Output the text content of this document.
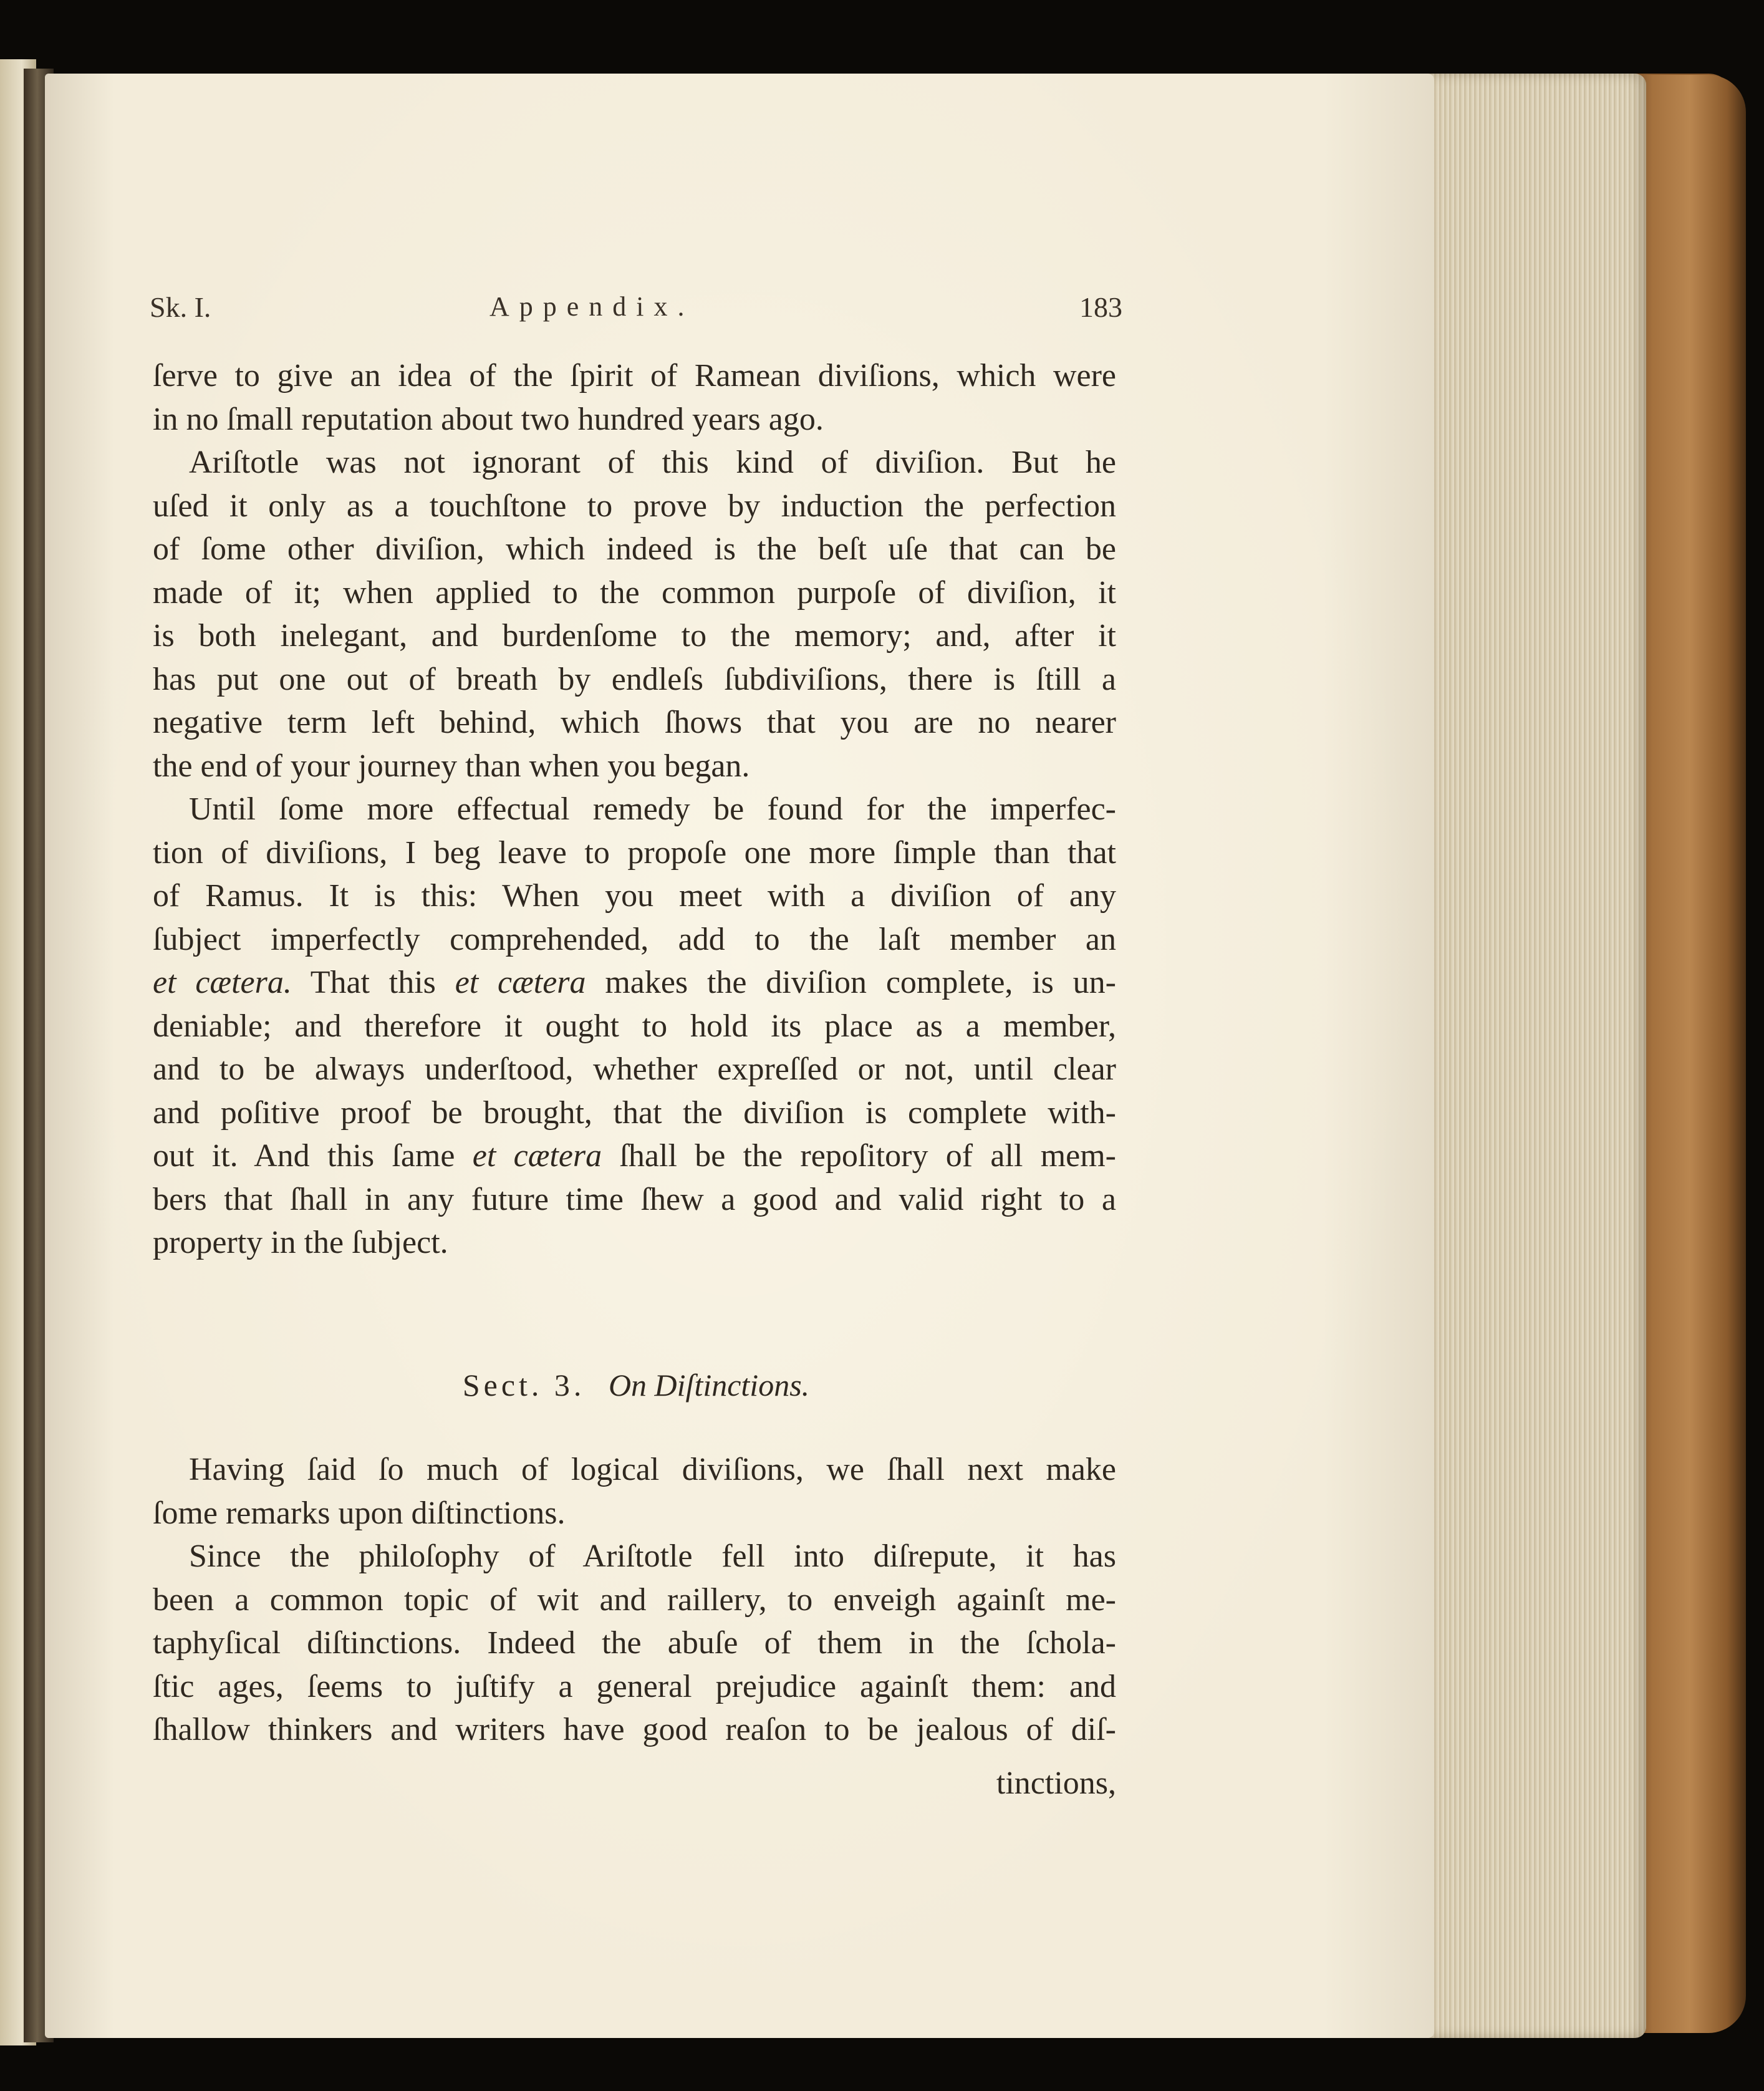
Sk. I.	Appendix.	183

ſerve to give an idea of the ſpirit of Ramean diviſions, which were
in no ſmall reputation about two hundred years ago.

Ariſtotle was not ignorant of this kind of diviſion. But he
uſed it only as a touchſtone to prove by induction the perfection
of ſome other diviſion, which indeed is the beſt uſe that can be
made of it; when applied to the common purpoſe of diviſion, it
is both inelegant, and burdenſome to the memory; and, after it
has put one out of breath by endleſs ſubdiviſions, there is ſtill a
negative term left behind, which ſhows that you are no nearer
the end of your journey than when you began.

Until ſome more effectual remedy be found for the imperfec-
tion of diviſions, I beg leave to propoſe one more ſimple than that
of Ramus. It is this: When you meet with a diviſion of any
ſubject imperfectly comprehended, add to the laſt member an
et cætera. That this et cætera makes the diviſion complete, is un-
deniable; and therefore it ought to hold its place as a member,
and to be always underſtood, whether expreſſed or not, until clear
and poſitive proof be brought, that the diviſion is complete with-
out it. And this ſame et cætera ſhall be the repoſitory of all mem-
bers that ſhall in any future time ſhew a good and valid right to a
property in the ſubject.

Sect. 3. On Diſtinctions.

Having ſaid ſo much of logical diviſions, we ſhall next make
ſome remarks upon diſtinctions.

Since the philoſophy of Ariſtotle fell into diſrepute, it has
been a common topic of wit and raillery, to enveigh againſt me-
taphyſical diſtinctions. Indeed the abuſe of them in the ſchola-
ſtic ages, ſeems to juſtify a general prejudice againſt them: and
ſhallow thinkers and writers have good reaſon to be jealous of diſ-

tinctions,
